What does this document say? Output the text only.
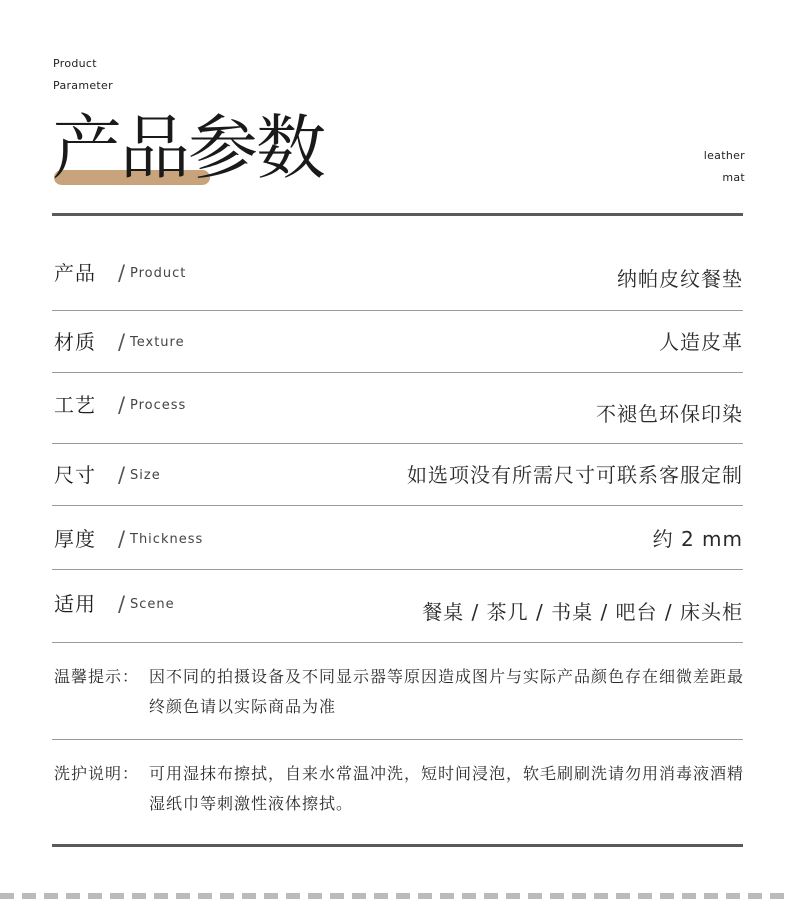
Product
Parameter
产品参数	leather
mat
产品 / Product	纳帕皮纹餐垫
材质 / Texture	人造皮革
工艺 / Process	不褪色环保印染
尺寸 / Size	如选项没有所需尺寸可联系客服定制
厚度 / Thickness	约 2 mm
适用 / Scene	餐桌 / 茶几 / 书桌 / 吧台 / 床头柜
温馨提示： 因不同的拍摄设备及不同显示器等原因造成图片与实际产品颜色存在细微差距最终颜色请以实际商品为准
洗护说明： 可用湿抹布擦拭，自来水常温冲洗，短时间浸泡，软毛刷刷洗请勿用消毒液酒精湿纸巾等刺激性液体擦拭。
